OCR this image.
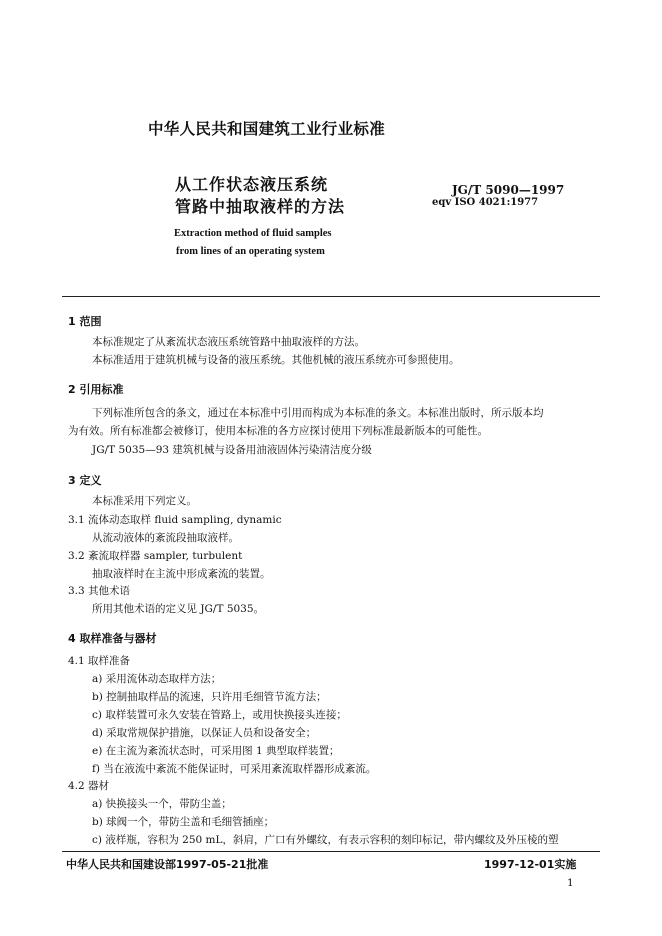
中华人民共和国建筑工业行业标准
从工作状态液压系统
管路中抽取液样的方法
JG/T 5090—1997
eqv ISO 4021:1977
Extraction method of fluid samples
from lines of an operating system
1 范围
本标准规定了从紊流状态液压系统管路中抽取液样的方法。
本标准适用于建筑机械与设备的液压系统。其他机械的液压系统亦可参照使用。
2 引用标准
下列标准所包含的条文，通过在本标准中引用而构成为本标准的条文。本标准出版时，所示版本均
为有效。所有标准都会被修订，使用本标准的各方应探讨使用下列标准最新版本的可能性。
JG/T 5035—93 建筑机械与设备用油液固体污染清洁度分级
3 定义
本标准采用下列定义。
3.1 流体动态取样 fluid sampling, dynamic
从流动液体的紊流段抽取液样。
3.2 紊流取样器 sampler, turbulent
抽取液样时在主流中形成紊流的装置。
3.3 其他术语
所用其他术语的定义见 JG/T 5035。
4 取样准备与器材
4.1 取样准备
a) 采用流体动态取样方法；
b) 控制抽取样品的流速，只许用毛细管节流方法；
c) 取样装置可永久安装在管路上，或用快换接头连接；
d) 采取常规保护措施，以保证人员和设备安全；
e) 在主流为紊流状态时，可采用图 1 典型取样装置；
f) 当在液流中紊流不能保证时，可采用紊流取样器形成紊流。
4.2 器材
a) 快换接头一个，带防尘盖；
b) 球阀一个，带防尘盖和毛细管插座；
c) 液样瓶，容积为 250 mL，斜肩，广口有外螺纹，有表示容积的刻印标记，带内螺纹及外压棱的塑
中华人民共和国建设部1997-05-21批准	1997-12-01实施
1
